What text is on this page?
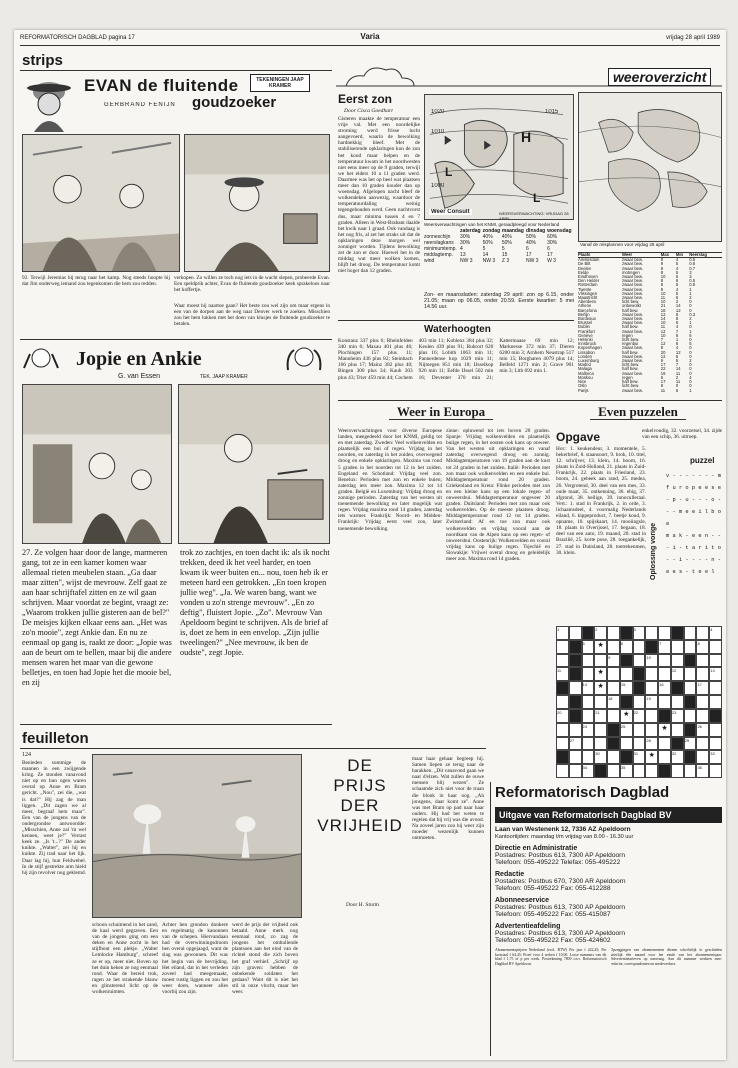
REFORMATORISCH DAGBLAD pagina 17	Varia	vrijdag 28 april 1989
strips
EVAN de fluitende
goudzoeker
TEKENINGEN JAAP KRAMER
GERBRAND FENIJN
92. Terwijl Jeremias bij terug naar het kamp. Nog steeds hoopte hij dat Jim onderweg iemand zou tegenkomen die hem zou redden.
verkopen. Zo willen ze toch nog iets in de wacht slepen, probeerde Evan. Een speldprik achter, Evan de fluitende goudzoeker keek sprakeloos naar het koffertje.
Waar moest hij naartoe gaan? Het beste zou wel zijn om maar ergens in een van de dorpen aan de weg naar Denver werk te zoeken. Misschien zou het hem lukken met het doen van klusjes de fluitende goudzoeker te betalen.
Jopie en Ankie
G. van Essen	TEK. JAAP KRAMER
27. Ze volgen haar door de lange, marmeren gang, tot ze in een kamer komen waar allemaal rieten meubelen staan. „Ga daar maar zitten", wijst de mevrouw. Zelf gaat ze aan haar schrijftafel zitten en ze wil gaan schrijven. Maar voordat ze begint, vraagt ze: „Waarom trokken jullie gisteren aan de bel?" De meisjes kijken elkaar eens aan. „Het was zo'n mooie", zegt Ankie dan. En nu ze eenmaal op gang is, raakt ze door: „Jopie was aan de beurt om te bellen, maar bij die andere mensen waren het maar van die gewone belletjes, en toen had Jopie het die mooie bel, en zij
trok zo zachtjes, en toen dacht ik: als ik nocht trekken, deed ik het veel harder, en toen kwam ik weer buiten en... nou, toen heb ik er meteen hard een getrokken. „En toen kropen jullie weg". „Ja. We waren bang, want we vonden u zo'n strenge mevrouw". „En zo deftig", fluistert Jopie. „Zo". Mevrouw Van Apeldoorn begint te schrijven. Als de brief af is, doet ze hem in een envelop. „Zijn jullie tweelingen?" „Nee mevrouw, ik ben de oudste", zegt Jopie.
weeroverzicht
Eerst zon
Door Cisca Goedhart
Gisteren maakte de temperatuur een vrije val. Met een noordelijke stroming werd frisse lucht aangevoerd, waarin de bewolking hardnekkig bleef. Met de stabiliserende opklaringen kon de zon het koud maar helpen en de temperatuur kwam in het noordwesten niet eens meer op de 9 graden, terwijl we het elders 10 a 11 graden werd. Daarmee was het op heel wat plaatsen meer dan 10 graden kouder dan op woensdag. Afgelopen nacht bleef de wolkendeken aanwezig, waardoor de temperatuurdaling weinig tegengehouden werd. Geen nachtvorst dus, maar minima tussen 4 en 7 graden. Alleen in West-Brabant daalde het kwik naar 1 graad. Ook vandaag is het nog fris, al zet het straks uit dat de opklaringen deze morgen wel zonniger worden. Tijdens bewolking zet de zon er door. Hoewel het in de middag wat meer wolken komen, blijft het droog. De temperatuur komt niet hoger dan 12 graden.
H
L
L
1020
1010
1000
1015
Weer Consult	WEERSVERWACHTING: VRIJDAG 28 APRIL
Weersverwachtingen van het KNMI, geraadpleegd voor Nederland
	zaterdag	zondag	maandag	dinsdag	woensdag
zonneschijn	30%	40%	40%	50%	60%
neerslagkans	30%	50%	50%	40%	30%
minimumtemp.	4	5	5	6	6
middagtemp.	13	14	15	17	17
wind	NW 3	NW 3	Z 3	NW 3	W 3
Zon- en maansdaden: zaterdag 29 april: zon op 6.15, onder 21.05; maan op 06.05, onder 20.59. Eerste kwartier: 5 mei 14.56 uur.
Waterhoogten
Konstanz 337 plus 6; Rheinfelden 340 min 6; Maxau 401 plus 46; Plochingen 157 plus 11; Mannheim 436 plus 82; Steinbach 166 plus 17; Mainz 382 plus 40; Bingen 300 plus 34; Kaub 303 plus 43; Trier 459 min 44; Cochem 403 min 11; Koblenz 384 plus 32; Keulen 439 plus 91; Ruhrort 620 plus 16; Lobith 1063 min 11; Pannerdense kop 1029 min 11; Nijmegen 851 min 18; IJsselkop 926 min 11; Eefde IJssel 502 min 16; Deventer 370 min 21; Kattermaase 69 min 12; Marknesse 372 min 37; Dieren 6200 min 3; Arnhem Neustrap 517 min 15; Borgharen 4079 plus 14; Belfeld 1271 min 2; Grave 901 min 3; Lith 692 min 1.
Vanaf de reisplannen voor vrijdag 28 april
Plaats	Weer	Max	Min	Neerslag
Amsterdam	zwaar bew.	9	4	0.6
De Bilt	zwaar bew.	9	5	0.6
Deelen	zwaar bew.	9	4	0.7
Eelde	motregen	8	5	3
Eindhoven	zwaar bew.	10	6	3
Den Helder	zwaar bew.	8	6	0.5
Rotterdam	zwaar bew.	9	5	0.8
Twente	zwaar bew.	9	4	1
Vlissingen	zwaar bew.	10	5	1
Maastricht	zwaar bew.	11	6	2
Aberdeen	licht bew.	10	2	0
Athene	onbewolkt	21	14	0
Barcelona	half bew.	18	12	0
Berlijn	zwaar bew.	12	6	0.3
Bordeaux	zwaar bew.	14	8	2
Brussel	zwaar bew.	10	6	1
Dublin	half bew.	11	4	0
Frankfurt	zwaar bew.	12	7	1
Genève	regen	10	6	6
Helsinki	licht bew.	7	1	0
Innsbruck	regenbui	12	6	5
Kopenhagen	zwaar bew.	8	4	0
Lissabon	half bew.	20	12	0
Londen	zwaar bew.	12	6	0
Luxemburg	zwaar bew.	9	5	2
Madrid	licht bew.	17	7	0
Malaga	half bew.	22	14	0
Mallorca	zwaar bew.	19	11	0
Moskou	regen	6	2	4
Nice	half bew.	17	11	0
Oslo	licht bew.	8	0	0
Parijs	zwaar bew.	11	6	1
Weer in Europa
Weersverwachtingen voor diverse Europese landen, meegedeeld door het KNMI, geldig tot en met zaterdag. Zweden: Veel wolkenvelden en plaatselijk een bui of regen. Vrijdag in het noorden, en zaterdag in het zuiden, overwegend droog en enkele opklaringen. Maxima van rond 5 graden in het noorden tot 12 in het zuiden. Engeland en Schotland: Vrijdag veel zon. Benelux: Perioden met zon en enkele buien; zaterdag iets meer zon. Maxima 12 tot 14 graden. België en Luxemburg: Vrijdag droog en zonnige perioden. Zaterdag van het westen uit toenemende bewolking en later mogelijk wat regen. Vrijdag maxima rond 14 graden, zaterdag iets warmer. Frankrijk: Noord- en Midden-Frankrijk: Vrijdag eerst veel zon, later toenemende bewolking.
zinne: opluwend tot iets boven 20 graden. Spanje: Vrijdag wolkenvelden en plaatselijk buiige regen, in het oosten ook kans op onweer. Van het westen uit opklaringen en vanaf zaterdag overwegend droog en zonnig. Middagtemperaturen van 19 graden aan de kust tot 24 graden in het zuiden. Italië: Perioden met zon maar ook wolkenvelden en een enkele bui. Middagtemperatuur rond 20 graden. Griekenland en Kreta: Flinke perioden met zon en een kleine kans op een lokale regen- of onweersbui. Middagtemperatuur ongeveer 20 graden. Duitsland: Perioden met zon maar ook wolkenvelden. Op de meeste plaatsen droog. Middagtemperatuur rond 12 tot 14 graden. Zwitserland: Af en toe zon maar ook wolkenvelden en vrijdag vooral aan de noordkant van de Alpen kans op een regen- of onweersbui. Oostenrijk: Wolkenvelden en vooral vrijdag kans op buiige regen. Tsjechië en Slowakije: Vrijwel overal droog en geleidelijk meer zon. Maxima rond 14 graden.
Even puzzelen
Opgave	enkelvoudig, 32. voorzetsel, 34. zijde van een schip, 36. uitroep.
Hor.: 1. keukendeur, 3. momentele, 5. bekerbrief, 8. staansoort, 9. brok, 10. titel, 12. schrijver, 13. klein, 14. boom, 16. plaats in Zuid-Holland, 21. plaats in Zuid-Frankrijk, 22. plaats in Friesland, 23. boom, 24. gebeek aan rand, 25. medea, 26. Vergrotend, 30. deel van een mes, 33. oude maat, 35. ontkenning, 36. ebig, 37. afgrond, 38. heilige, 39. innoculleraal. Vert.: 1. stad in Frankrijk, 2. in orde, 3. lichaamsdeel, 4. voormalig Nederlands eiland, 6. kippeproduct, 7. beetje koud, 9. opname, 10. spijskaart, 14. mooiingsle, 18. plaats in Overijssel, 17. begaan, 18. deel van een auto, 19. maand, 20. stad in Brazilië, 25. korte pose, 28. toegankelijk, 27. stad in Duitsland, 28. toetrekenmen, 30. klein.	Oplossing vorige
puzzel
v - - - - - - - m
f u r o p e e s e
- p - u - - - o -
- - m e e i l b o e
m a k - e e n - -
- i - t a r i t o
- - i - - - - n -
e e s - t e e l
1	2	3	4
5	★	6	7	8
9	10
11	★	12	13
14	★	15	16	17
18	19
20	21	★	22	23
24	25	★	26
27	28	29
30	31	★	32	33
34	35	36
feuilleton
124
Benieden sommige de mannen in een zwijgende kring. Ze stonden vanavond niet op en hun ogen waren overal op Anne en Bram gericht. „Nou", zei die, „wat is dat?" Hij zag de man liggen. „Dit zagen we al meer, begraaf hem maar". Een van de jongens van de ondergrondse antwoordde: „Misschien, Anne zal 'm wel kennen, weet je?" Verrast keek ze. „Is 't...?" De ander knikte. „Walter", zei hij en knikte. Zij trad naar het lijk. Daar lag hij, hun Feldwebel. In de stijf gestrekte arm hield hij zijn revolver nog geklemd.
schoon schuimend in het zand, de kaal werd gegraven. Een van de jongens ging om een deken en Anne zocht in het stijfhout een plekje. „Walter Lemlocke Hamburg", schreef ze er op, meer niet. Boven op het duin keken ze nog eenmaal rond. Waar de bereid trok, ragen ze het strakende blauw en glinsterend licht op de wolkenruimten.
Achter hen grondon donkere en regelmatig de kanonnen van de schepen. Hiervandaan had de overwinningsdroom hen overal opgejaagd, want de slag was gewonnen. Dit was het begin van de bevrijding. Het eiland, dat in het verleden zoveel had meegemaakt, moest rustig liggen en zou het weer doen, wanneer alles voorbij zou zijn.
DE
PRIJS
DER
VRIJHEID
Door H. Sturm
werd de prijs der vrijheid ook betaald. Anne merk nog eenmaal rond, zo zag de jongens het omhullende plantsoen aan het eind van de richtel stond die zich boven het graf verhief. „Schrijf op zijn graven: hebben de onbekende soldaten het gedaan? Want dit is niet het stil in onze vlucht, maar het weer.
maar haar gehaar begreep hij. Samen liepen ze terug naar de barakken. „Dit vanavond gaan we naar d'elzen. Wat zullen de ouwe mensen blij wezen". Ze schaamde zich niet voor de traan die blonk in haar oog. „Ah jonsgens, daar komt ze". Anne was met Bram op pad naar haar ouders. Hij had het weten te regelen dat hij vrij was die avond. Na zoveel jaren zou hij weer zijn moeder wezenlijk kunnen ontmoeten.
Reformatorisch Dagblad
Uitgave van Reformatorisch Dagblad BV
Laan van Westenenk 12, 7336 AZ Apeldoorn
Kantoortijden: maandag t/m vrijdag van 8.00 - 16.30 uur
Directie en Administratie
Postadres: Postbus 613, 7300 AP Apeldoorn
Telefoon: 055-495222 Telefax: 055-495222
Redactie
Postadres: Postbus 670, 7300 AR Apeldoorn
Telefoon: 055-495222 Fax: 055-412288
Abonneeservice
Postadres: Postbus 613, 7300 AP Apeldoorn
Telefoon: 055-495222 Fax: 055-415087
Advertentieafdeling
Postadres: Postbus 613, 7300 AP Apeldoorn
Telefoon: 055-495222 Fax: 055-424602
Abonnementsprijzen Nederland (excl. BTW) Per jaar f 242,45; Per kwartaal f 64,45; Proef voor 4 weken f 10,00. Losse nummers van dit blad f 1,75 of p per week. Postrekening 7800 t.n.v. Reformatorisch Dagblad BV Apeldoorn.
Opzeggingen van abonnementen dienen schriftelijk te geschieden uiterlijk één maand voor het einde van het abonnementsjaar. Advertentietarieven op aanvraag. Aan dit nummer werkten mee: redactie, correspondenten en medewerkers.
